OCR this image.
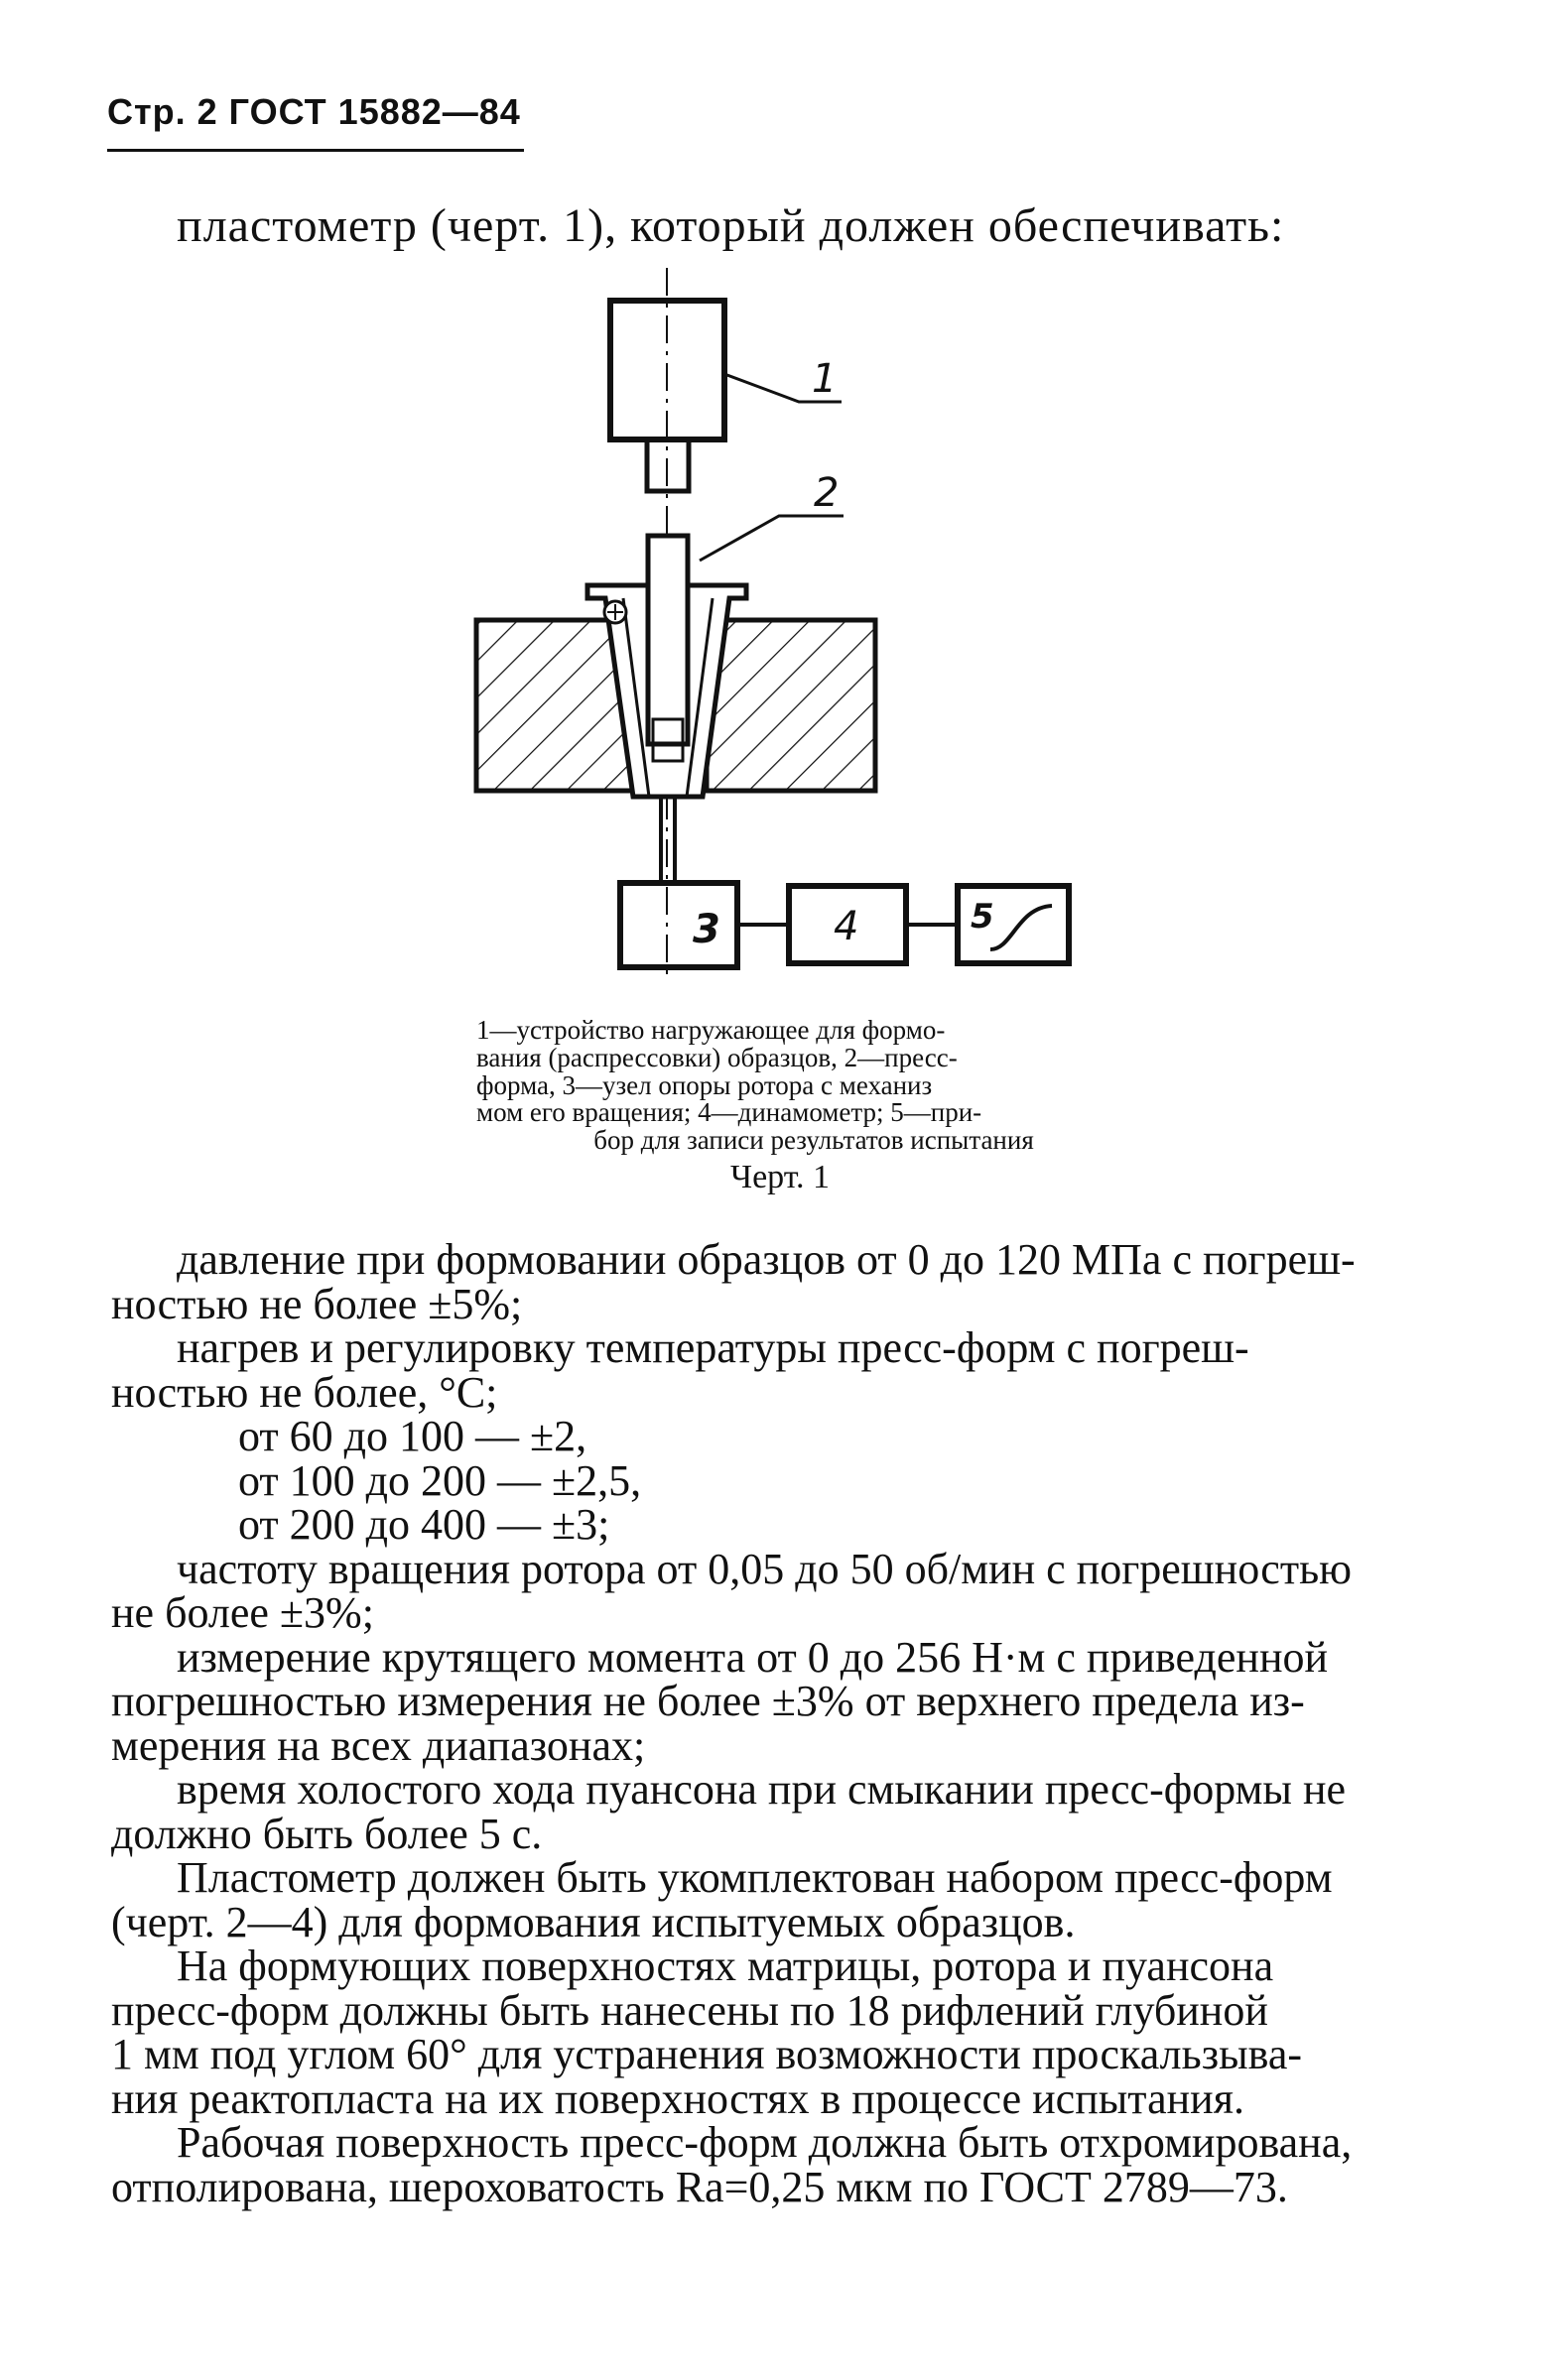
Стр. 2 ГОСТ 15882—84
пластометр (черт. 1), который должен обеспечивать:
1
2
3	4	5
1—устройство нагружающее для формо-
вания (распрессовки) образцов, 2—пресс-
форма, 3—узел опоры ротора с механиз
мом его вращения; 4—динамометр; 5—при-
бор для записи результатов испытания
Черт. 1
давление при формовании образцов от 0 до 120 МПа с погреш-
ностью не более ±5%;
нагрев и регулировку температуры пресс-форм с погреш-
ностью не более, °С;
от 60 до 100 — ±2,
от 100 до 200 — ±2,5,
от 200 до 400 — ±3;
частоту вращения ротора от 0,05 до 50 об/мин с погрешностью
не более ±3%;
измерение крутящего момента от 0 до 256 Н·м с приведенной
погрешностью измерения не более ±3% от верхнего предела из-
мерения на всех диапазонах;
время холостого хода пуансона при смыкании пресс-формы не
должно быть более 5 с.
Пластометр должен быть укомплектован набором пресс-форм
(черт. 2—4) для формования испытуемых образцов.
На формующих поверхностях матрицы, ротора и пуансона
пресс-форм должны быть нанесены по 18 рифлений глубиной
1 мм под углом 60° для устранения возможности проскальзыва-
ния реактопласта на их поверхностях в процессе испытания.
Рабочая поверхность пресс-форм должна быть отхромирована,
отполирована, шероховатость Ra=0,25 мкм по ГОСТ 2789—73.
